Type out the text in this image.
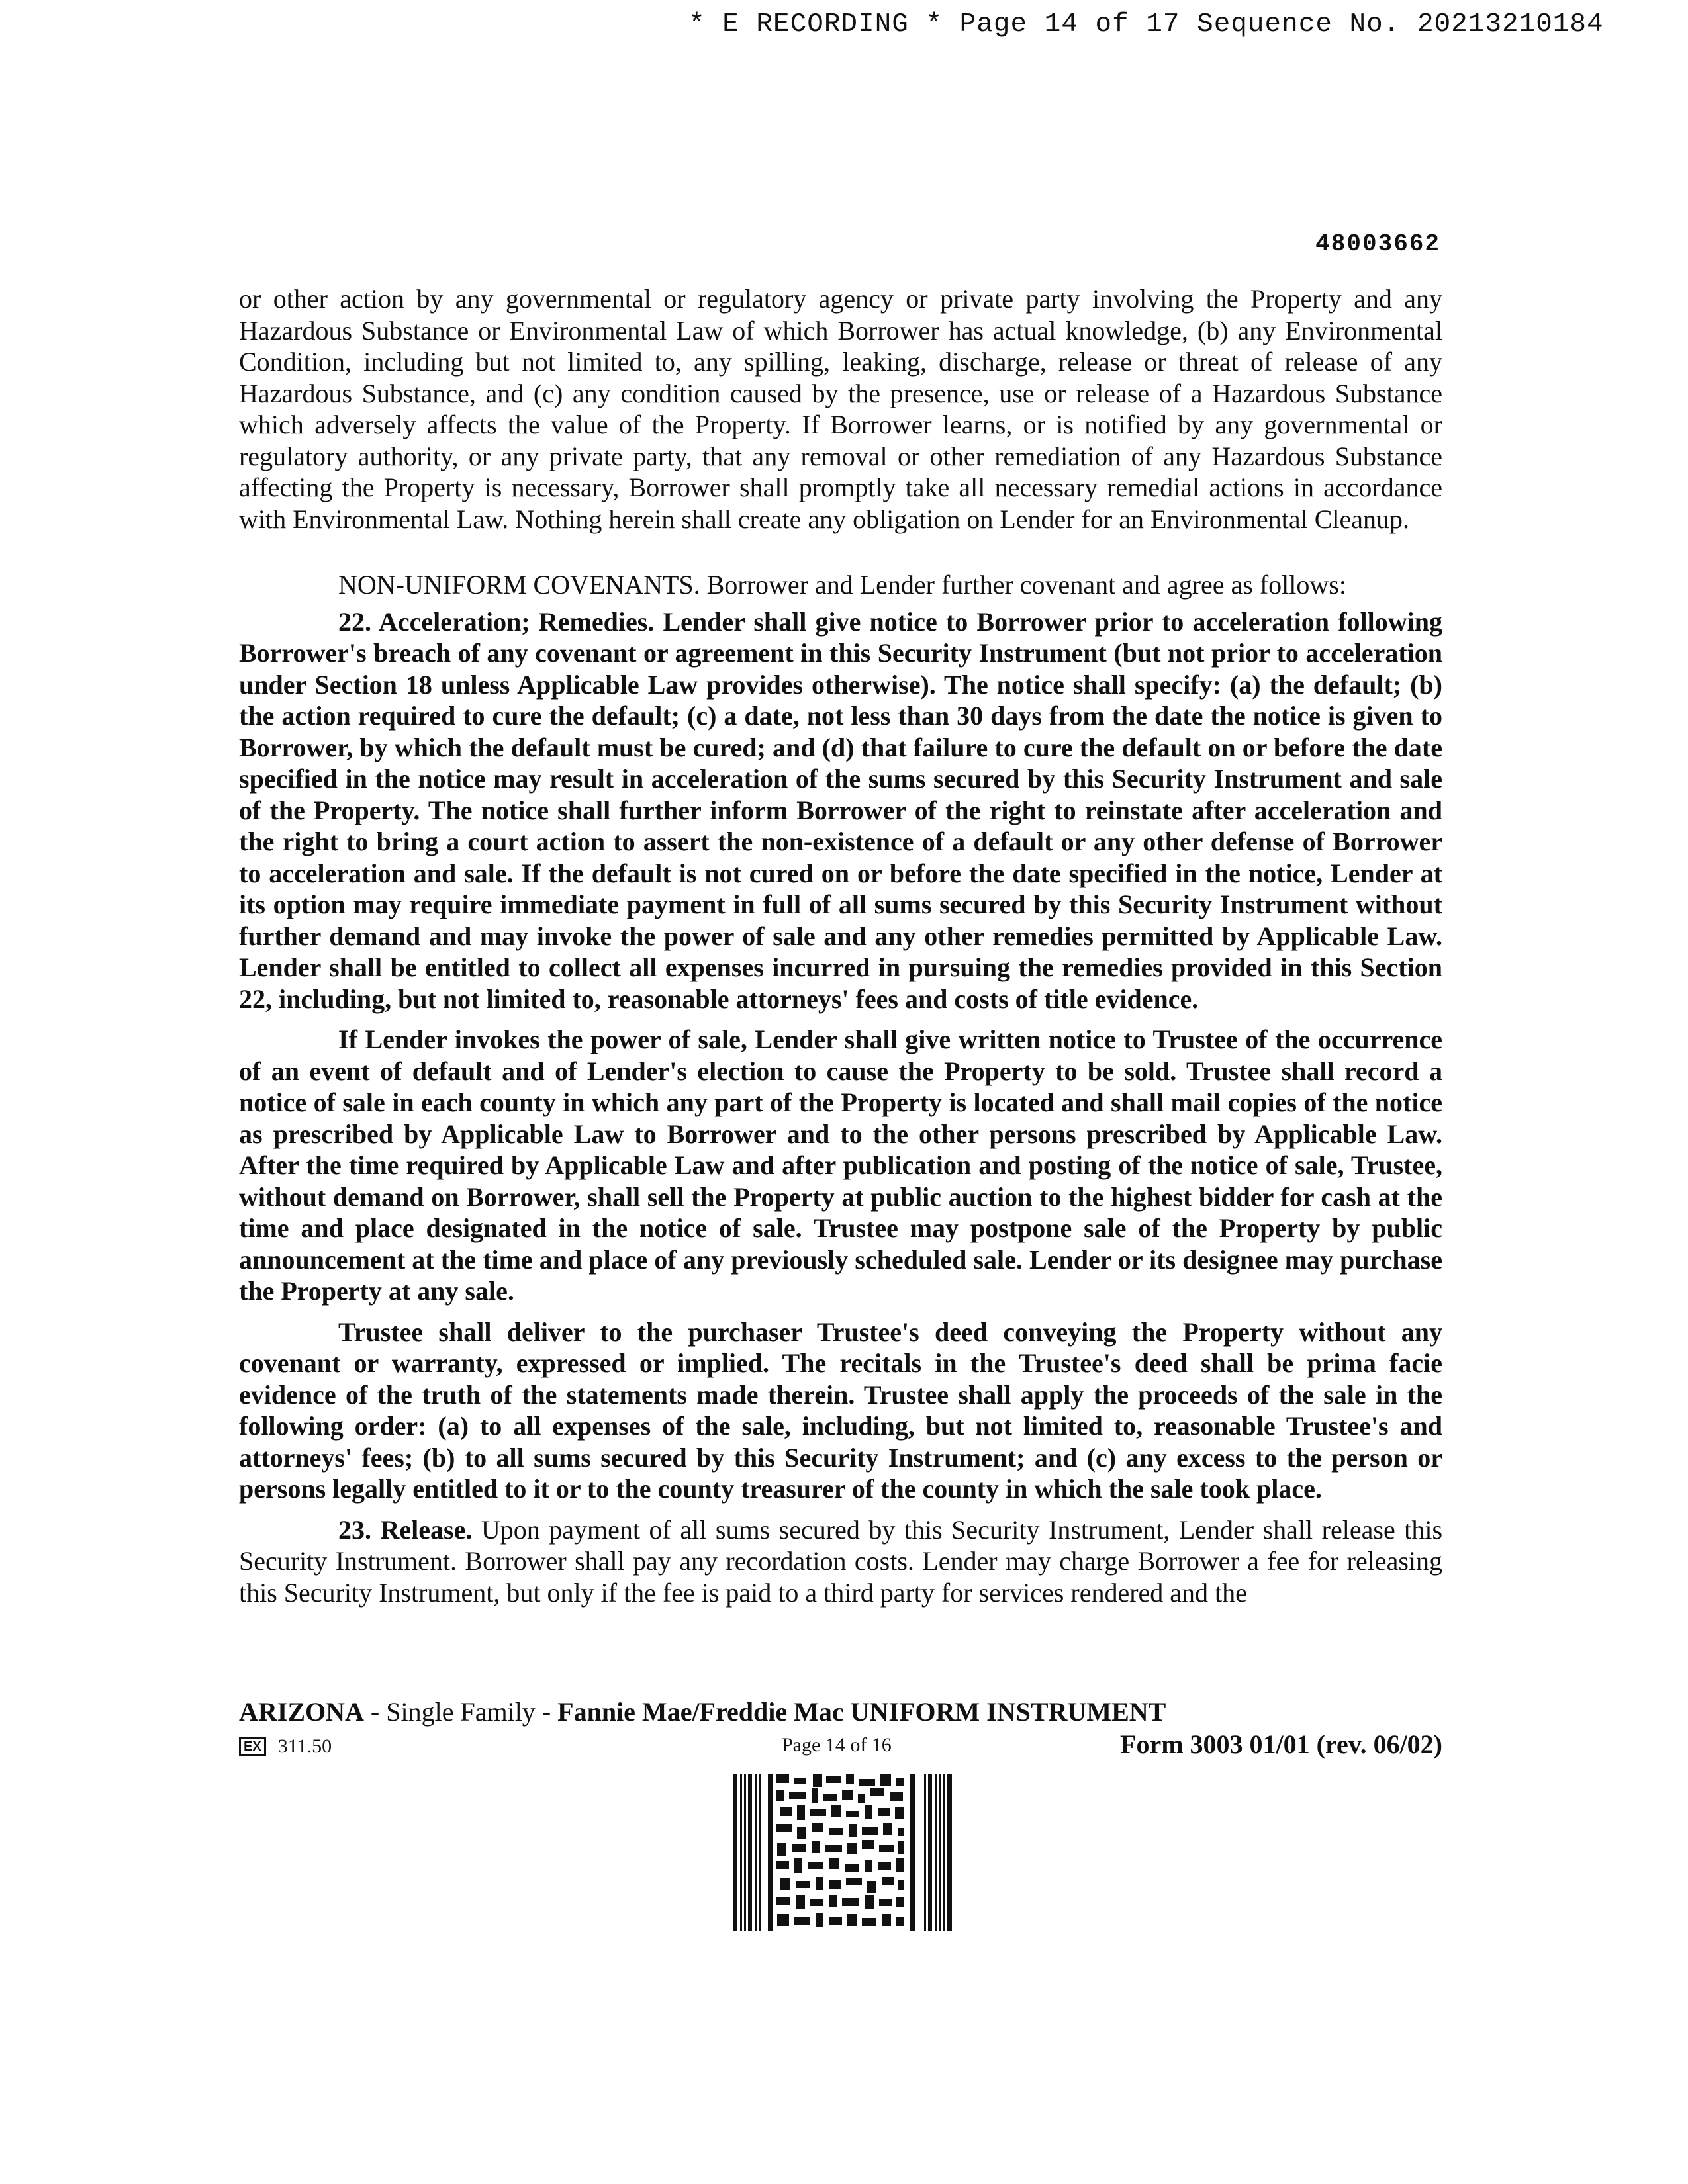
* E RECORDING * Page 14 of 17 Sequence No. 20213210184
48003662

or other action by any governmental or regulatory agency or private party involving the Property and any Hazardous Substance or Environmental Law of which Borrower has actual knowledge, (b) any Environmental Condition, including but not limited to, any spilling, leaking, discharge, release or threat of release of any Hazardous Substance, and (c) any condition caused by the presence, use or release of a Hazardous Substance which adversely affects the value of the Property. If Borrower learns, or is notified by any governmental or regulatory authority, or any private party, that any removal or other remediation of any Hazardous Substance affecting the Property is necessary, Borrower shall promptly take all necessary remedial actions in accordance with Environmental Law. Nothing herein shall create any obligation on Lender for an Environmental Cleanup.

NON-UNIFORM COVENANTS. Borrower and Lender further covenant and agree as follows:

22. Acceleration; Remedies. Lender shall give notice to Borrower prior to acceleration following Borrower's breach of any covenant or agreement in this Security Instrument (but not prior to acceleration under Section 18 unless Applicable Law provides otherwise). The notice shall specify: (a) the default; (b) the action required to cure the default; (c) a date, not less than 30 days from the date the notice is given to Borrower, by which the default must be cured; and (d) that failure to cure the default on or before the date specified in the notice may result in acceleration of the sums secured by this Security Instrument and sale of the Property. The notice shall further inform Borrower of the right to reinstate after acceleration and the right to bring a court action to assert the non-existence of a default or any other defense of Borrower to acceleration and sale. If the default is not cured on or before the date specified in the notice, Lender at its option may require immediate payment in full of all sums secured by this Security Instrument without further demand and may invoke the power of sale and any other remedies permitted by Applicable Law. Lender shall be entitled to collect all expenses incurred in pursuing the remedies provided in this Section 22, including, but not limited to, reasonable attorneys' fees and costs of title evidence.

If Lender invokes the power of sale, Lender shall give written notice to Trustee of the occurrence of an event of default and of Lender's election to cause the Property to be sold. Trustee shall record a notice of sale in each county in which any part of the Property is located and shall mail copies of the notice as prescribed by Applicable Law to Borrower and to the other persons prescribed by Applicable Law. After the time required by Applicable Law and after publication and posting of the notice of sale, Trustee, without demand on Borrower, shall sell the Property at public auction to the highest bidder for cash at the time and place designated in the notice of sale. Trustee may postpone sale of the Property by public announcement at the time and place of any previously scheduled sale. Lender or its designee may purchase the Property at any sale.

Trustee shall deliver to the purchaser Trustee's deed conveying the Property without any covenant or warranty, expressed or implied. The recitals in the Trustee's deed shall be prima facie evidence of the truth of the statements made therein. Trustee shall apply the proceeds of the sale in the following order: (a) to all expenses of the sale, including, but not limited to, reasonable Trustee's and attorneys' fees; (b) to all sums secured by this Security Instrument; and (c) any excess to the person or persons legally entitled to it or to the county treasurer of the county in which the sale took place.

23. Release. Upon payment of all sums secured by this Security Instrument, Lender shall release this Security Instrument. Borrower shall pay any recordation costs. Lender may charge Borrower a fee for releasing this Security Instrument, but only if the fee is paid to a third party for services rendered and the

ARIZONA - Single Family - Fannie Mae/Freddie Mac UNIFORM INSTRUMENT
EX 311.50	Page 14 of 16	Form 3003 01/01 (rev. 06/02)
